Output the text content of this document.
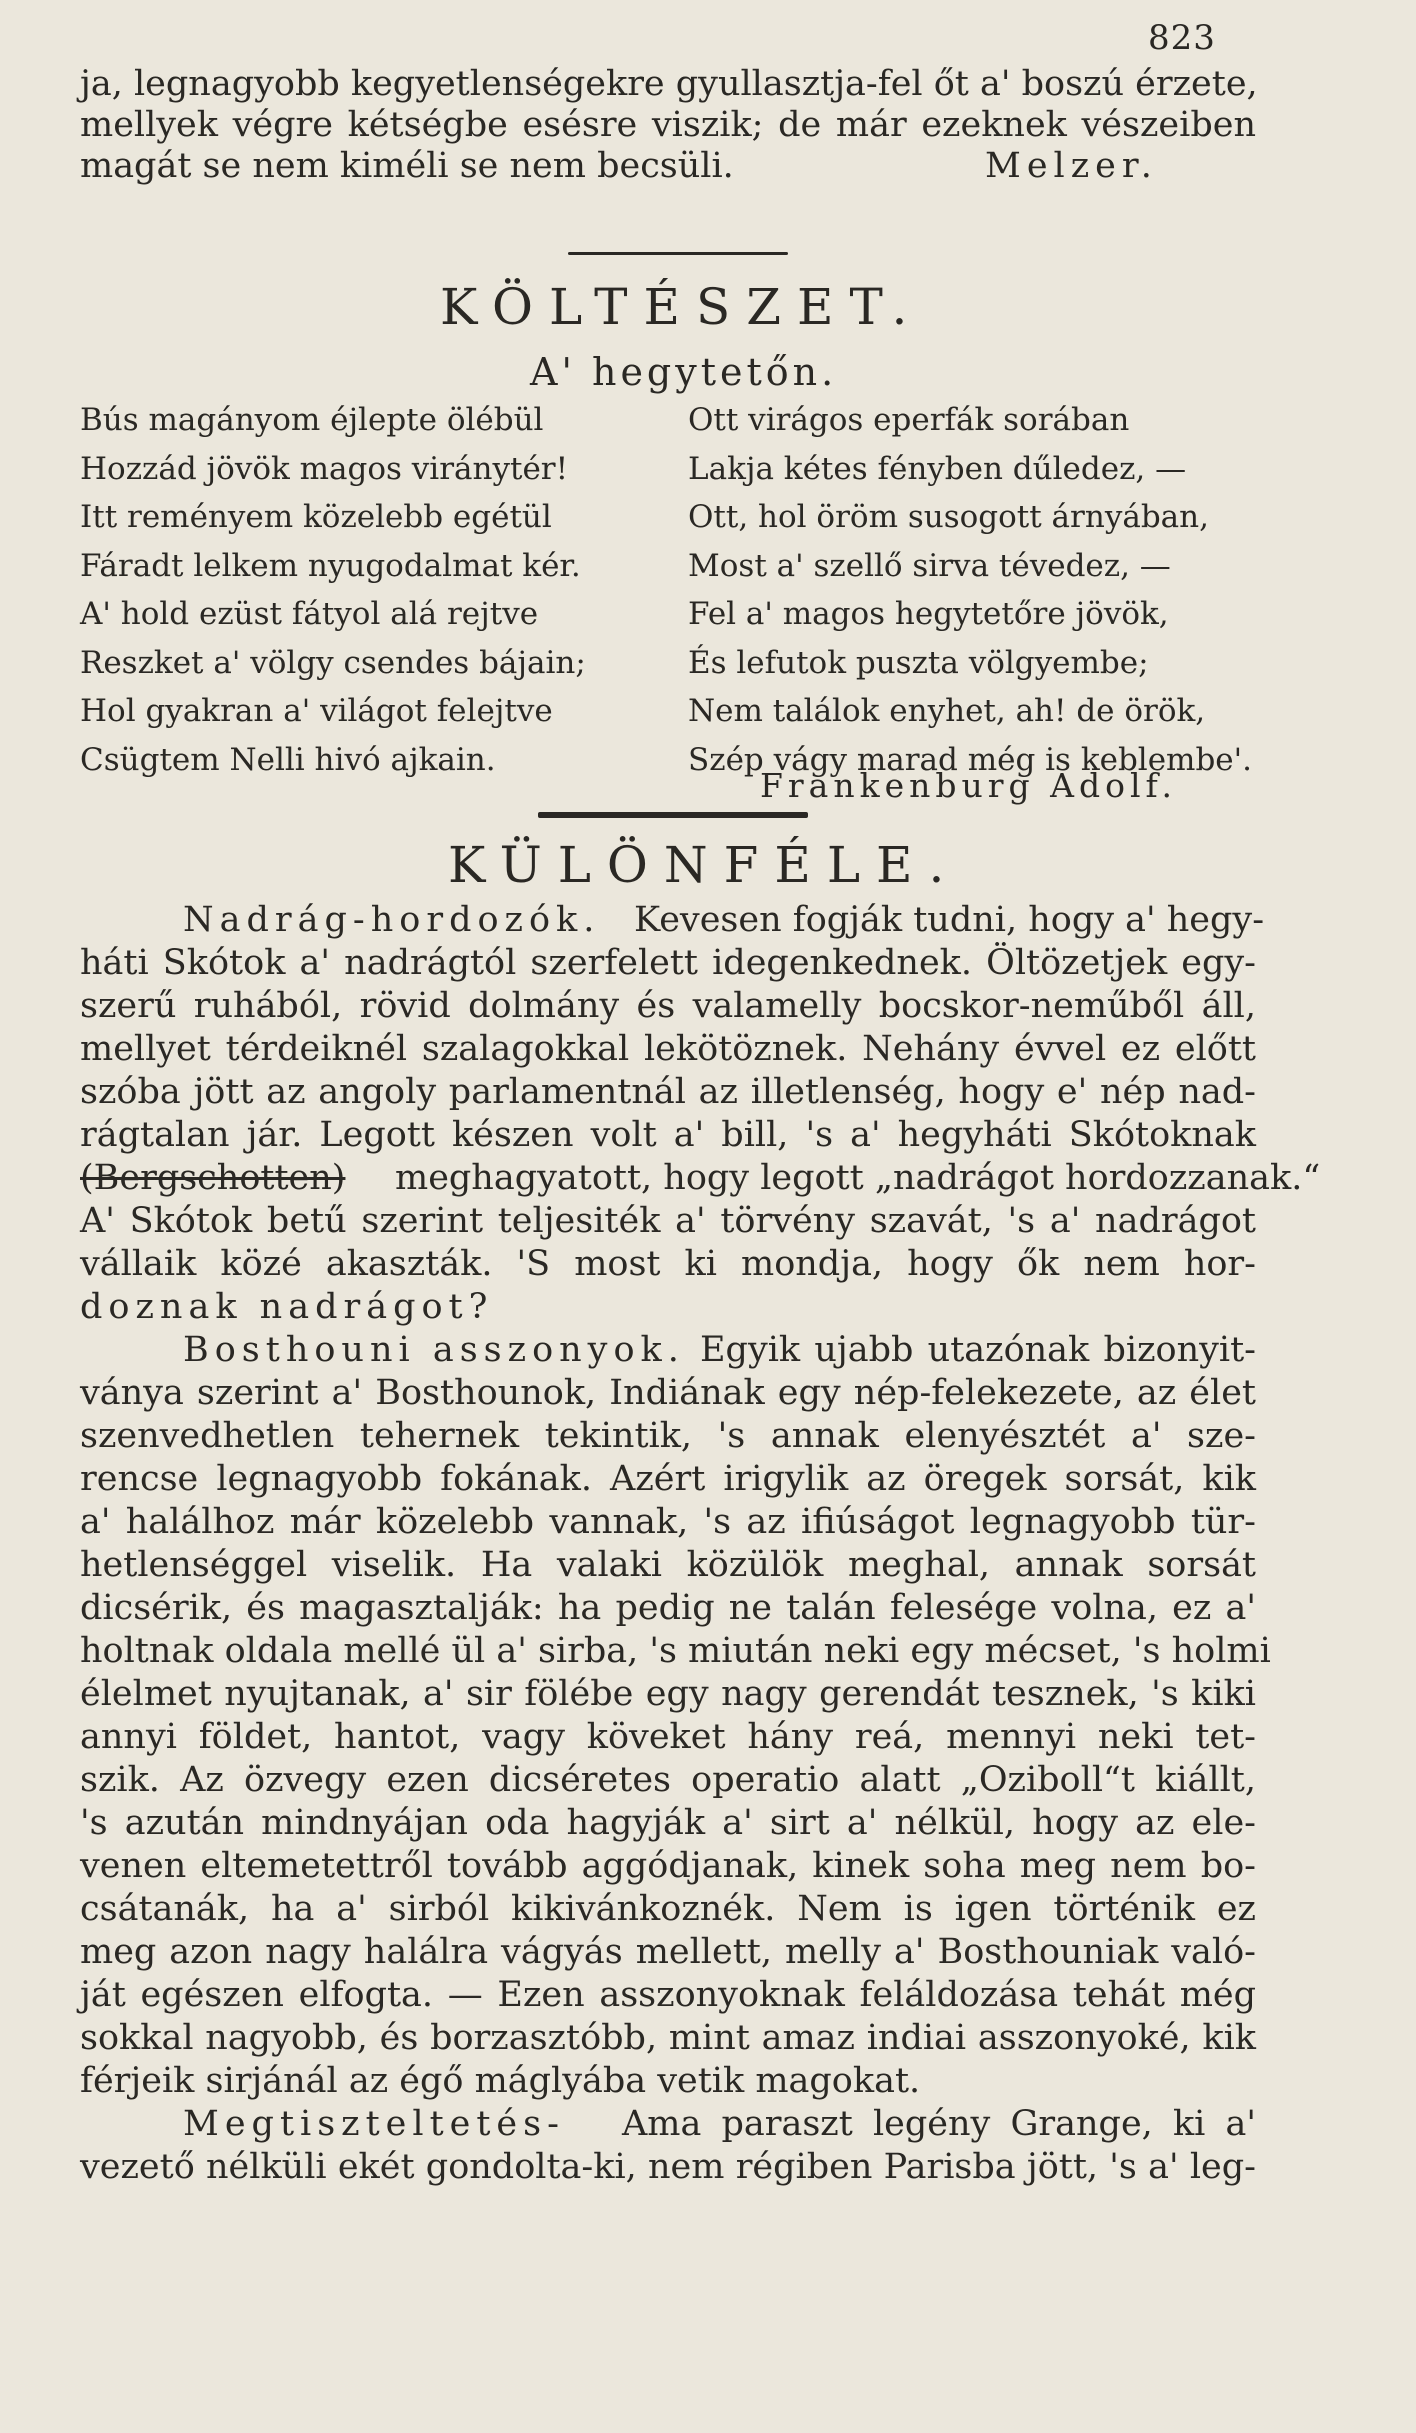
823
ja, legnagyobb kegyetlenségekre gyullasztja-fel őt a' boszú érzete,
mellyek végre kétségbe esésre viszik; de már ezeknek vészeiben
magát se nem kiméli se nem becsüli.	Melzer.
KÖLTÉSZET.
A' hegytetőn.
Bús magányom éjlepte ölébül
Hozzád jövök magos viránytér!
Itt reményem közelebb egétül
Fáradt lelkem nyugodalmat kér.
A' hold ezüst fátyol alá rejtve
Reszket a' völgy csendes bájain;
Hol gyakran a' világot felejtve
Csügtem Nelli hivó ajkain.
Ott virágos eperfák sorában
Lakja kétes fényben dűledez, —
Ott, hol öröm susogott árnyában,
Most a' szellő sirva tévedez, —
Fel a' magos hegytetőre jövök,
És lefutok puszta völgyembe;
Nem találok enyhet, ah! de örök,
Szép vágy marad még is keblembe'.
Frankenburg Adolf.
KÜLÖNFÉLE.
Nadrág-hordozók. Kevesen fogják tudni, hogy a' hegy-
háti Skótok a' nadrágtól szerfelett idegenkednek. Öltözetjek egy-
szerű ruhából, rövid dolmány és valamelly bocskor-neműből áll,
mellyet térdeiknél szalagokkal lekötöznek. Nehány évvel ez előtt
szóba jött az angoly parlamentnál az illetlenség, hogy e' nép nad-
rágtalan jár. Legott készen volt a' bill, 's a' hegyháti Skótoknak
(Bergschotten) meghagyatott, hogy legott „nadrágot hordozzanak.“
A' Skótok betű szerint teljesiték a' törvény szavát, 's a' nadrágot
vállaik közé akaszták. 'S most ki mondja, hogy ők nem hor-
doznak nadrágot?
Bosthouni asszonyok. Egyik ujabb utazónak bizonyit-
ványa szerint a' Bosthounok, Indiának egy nép-felekezete, az élet
szenvedhetlen tehernek tekintik, 's annak elenyésztét a' sze-
rencse legnagyobb fokának. Azért irigylik az öregek sorsát, kik
a' halálhoz már közelebb vannak, 's az ifiúságot legnagyobb tür-
hetlenséggel viselik. Ha valaki közülök meghal, annak sorsát
dicsérik, és magasztalják: ha pedig ne talán felesége volna, ez a'
holtnak oldala mellé ül a' sirba, 's miután neki egy mécset, 's holmi
élelmet nyujtanak, a' sir fölébe egy nagy gerendát tesznek, 's kiki
annyi földet, hantot, vagy köveket hány reá, mennyi neki tet-
szik. Az özvegy ezen dicséretes operatio alatt „Oziboll“t kiállt,
's azután mindnyájan oda hagyják a' sirt a' nélkül, hogy az ele-
venen eltemetettről tovább aggódjanak, kinek soha meg nem bo-
csátanák, ha a' sirból kikivánkoznék. Nem is igen történik ez
meg azon nagy halálra vágyás mellett, melly a' Bosthouniak való-
ját egészen elfogta. — Ezen asszonyoknak feláldozása tehát még
sokkal nagyobb, és borzasztóbb, mint amaz indiai asszonyoké, kik
férjeik sirjánál az égő máglyába vetik magokat.
Megtiszteltetés- Ama paraszt legény Grange, ki a'
vezető nélküli ekét gondolta-ki, nem régiben Parisba jött, 's a' leg-
